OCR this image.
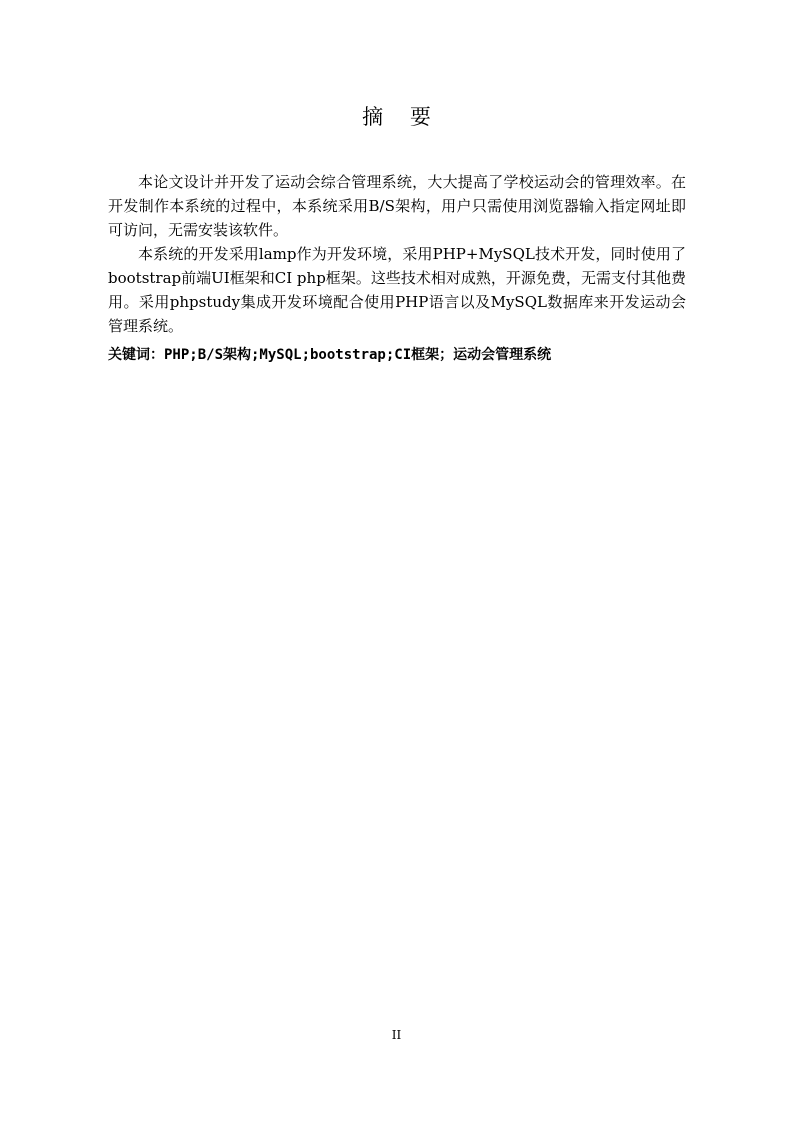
摘 要

本论文设计并开发了运动会综合管理系统，大大提高了学校运动会的管理效率。在开发制作本系统的过程中，本系统采用B/S架构，用户只需使用浏览器输入指定网址即可访问，无需安装该软件。

本系统的开发采用lamp作为开发环境，采用PHP+MySQL技术开发，同时使用了bootstrap前端UI框架和CI php框架。这些技术相对成熟，开源免费，无需支付其他费用。采用phpstudy集成开发环境配合使用PHP语言以及MySQL数据库来开发运动会管理系统。

关键词：PHP;B/S架构;MySQL;bootstrap;CI框架；运动会管理系统
II
